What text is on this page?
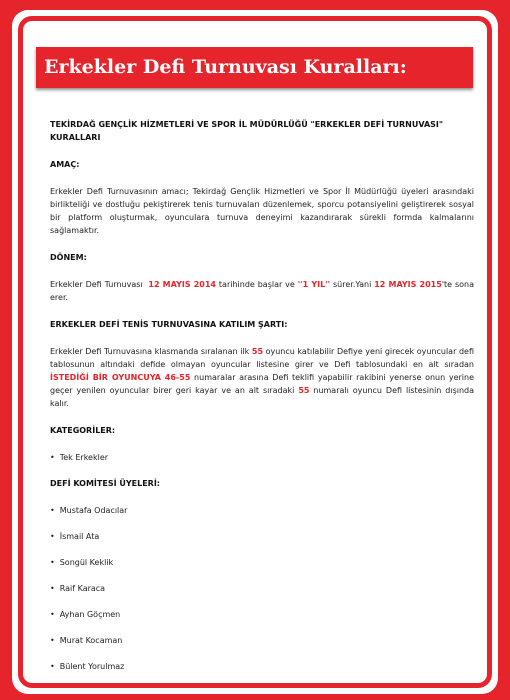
Erkekler Defi Turnuvası Kuralları:

TEKİRDAĞ GENÇLİK HİZMETLERİ VE SPOR İL MÜDÜRLÜĞÜ "ERKEKLER DEFİ TURNUVASI" KURALLARI

AMAÇ:

Erkekler Defi Turnuvasının amacı; Tekirdağ Gençlik Hizmetleri ve Spor İl Müdürlüğü üyeleri arasındaki birlikteliği ve dostluğu pekiştirerek tenis turnuvaları düzenlemek, sporcu potansiyelini geliştirerek sosyal bir platform oluşturmak, oyunculara turnuva deneyimi kazandırarak sürekli formda kalmalarını sağlamaktır.

DÖNEM:

Erkekler Defi Turnuvası 12 MAYIS 2014 tarihinde başlar ve ''1 YIL'' sürer.Yani 12 MAYIS 2015'te sona erer.

ERKEKLER DEFİ TENİS TURNUVASINA KATILIM ŞARTI:

Erkekler Defi Turnuvasına klasmanda sıralanan ilk 55 oyuncu katılabilir Defiye yeni girecek oyuncular defi tablosunun altındaki defide olmayan oyuncular listesine girer ve Defi tablosundaki en alt sıradan İSTEDİĞİ BİR OYUNCUYA 46-55 numaralar arasına Defi teklifi yapabilir rakibini yenerse onun yerine geçer yenilen oyuncular birer geri kayar ve an alt sıradaki 55 numaralı oyuncu Defi listesinin dışında kalır.

KATEGORİLER:

• Tek Erkekler

DEFİ KOMİTESİ ÜYELERİ:

• Mustafa Odacılar
• İsmail Ata
• Songül Keklik
• Raif Karaca
• Ayhan Göçmen
• Murat Kocaman
• Bülent Yorulmaz
